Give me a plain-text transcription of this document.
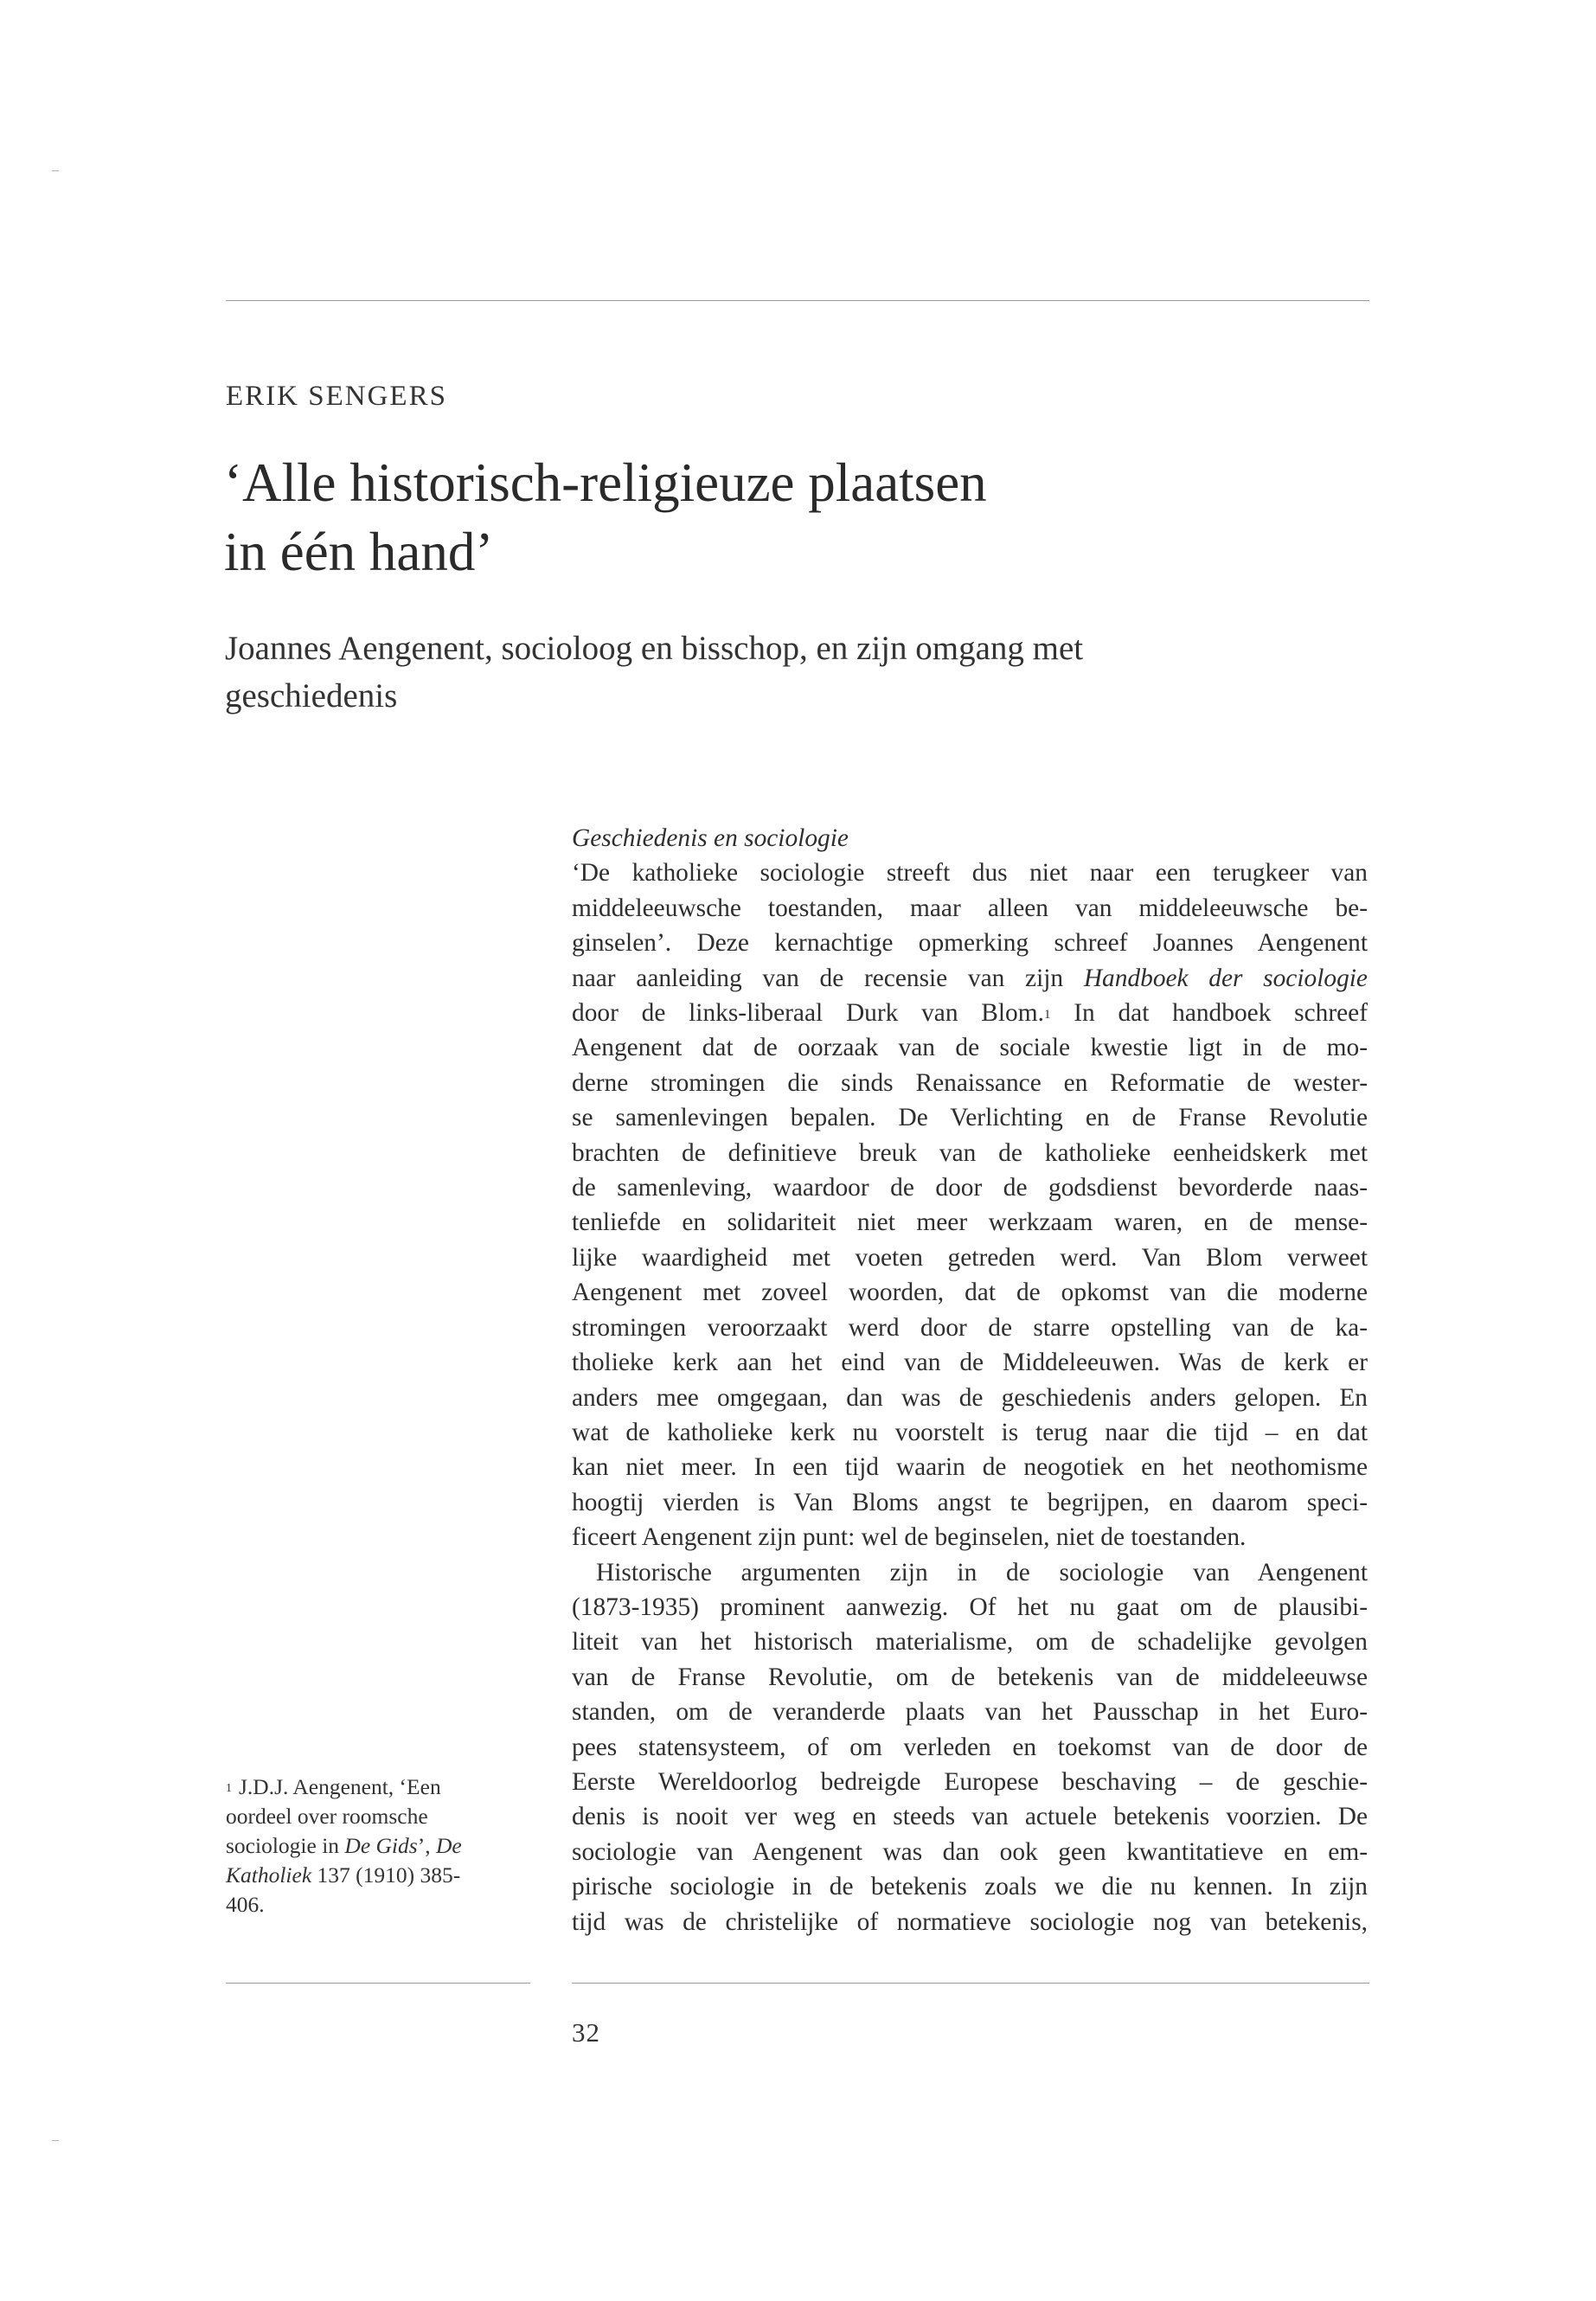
ERIK SENGERS
‘Alle historisch-religieuze plaatsen
in één hand’
Joannes Aengenent, socioloog en bisschop, en zijn omgang met
geschiedenis
Geschiedenis en sociologie
‘De katholieke sociologie streeft dus niet naar een terugkeer van
middeleeuwsche toestanden, maar alleen van middeleeuwsche be-
ginselen’. Deze kernachtige opmerking schreef Joannes Aengenent
naar aanleiding van de recensie van zijn Handboek der sociologie
door de links-liberaal Durk van Blom.$^1$ In dat handboek schreef
Aengenent dat de oorzaak van de sociale kwestie ligt in de mo-
derne stromingen die sinds Renaissance en Reformatie de wester-
se samenlevingen bepalen. De Verlichting en de Franse Revolutie
brachten de definitieve breuk van de katholieke eenheidskerk met
de samenleving, waardoor de door de godsdienst bevorderde naas-
tenliefde en solidariteit niet meer werkzaam waren, en de mense-
lijke waardigheid met voeten getreden werd. Van Blom verweet
Aengenent met zoveel woorden, dat de opkomst van die moderne
stromingen veroorzaakt werd door de starre opstelling van de ka-
tholieke kerk aan het eind van de Middeleeuwen. Was de kerk er
anders mee omgegaan, dan was de geschiedenis anders gelopen. En
wat de katholieke kerk nu voorstelt is terug naar die tijd – en dat
kan niet meer. In een tijd waarin de neogotiek en het neothomisme
hoogtij vierden is Van Bloms angst te begrijpen, en daarom speci-
ficeert Aengenent zijn punt: wel de beginselen, niet de toestanden.
Historische argumenten zijn in de sociologie van Aengenent
(1873-1935) prominent aanwezig. Of het nu gaat om de plausibi-
liteit van het historisch materialisme, om de schadelijke gevolgen
van de Franse Revolutie, om de betekenis van de middeleeuwse
standen, om de veranderde plaats van het Pausschap in het Euro-
pees statensysteem, of om verleden en toekomst van de door de
Eerste Wereldoorlog bedreigde Europese beschaving – de geschie-
denis is nooit ver weg en steeds van actuele betekenis voorzien. De
sociologie van Aengenent was dan ook geen kwantitatieve en em-
pirische sociologie in de betekenis zoals we die nu kennen. In zijn
tijd was de christelijke of normatieve sociologie nog van betekenis,
$^1$ J.D.J. Aengenent, ‘Een
oordeel over roomsche
sociologie in De Gids’, De
Katholiek 137 (1910) 385-
406.
32
